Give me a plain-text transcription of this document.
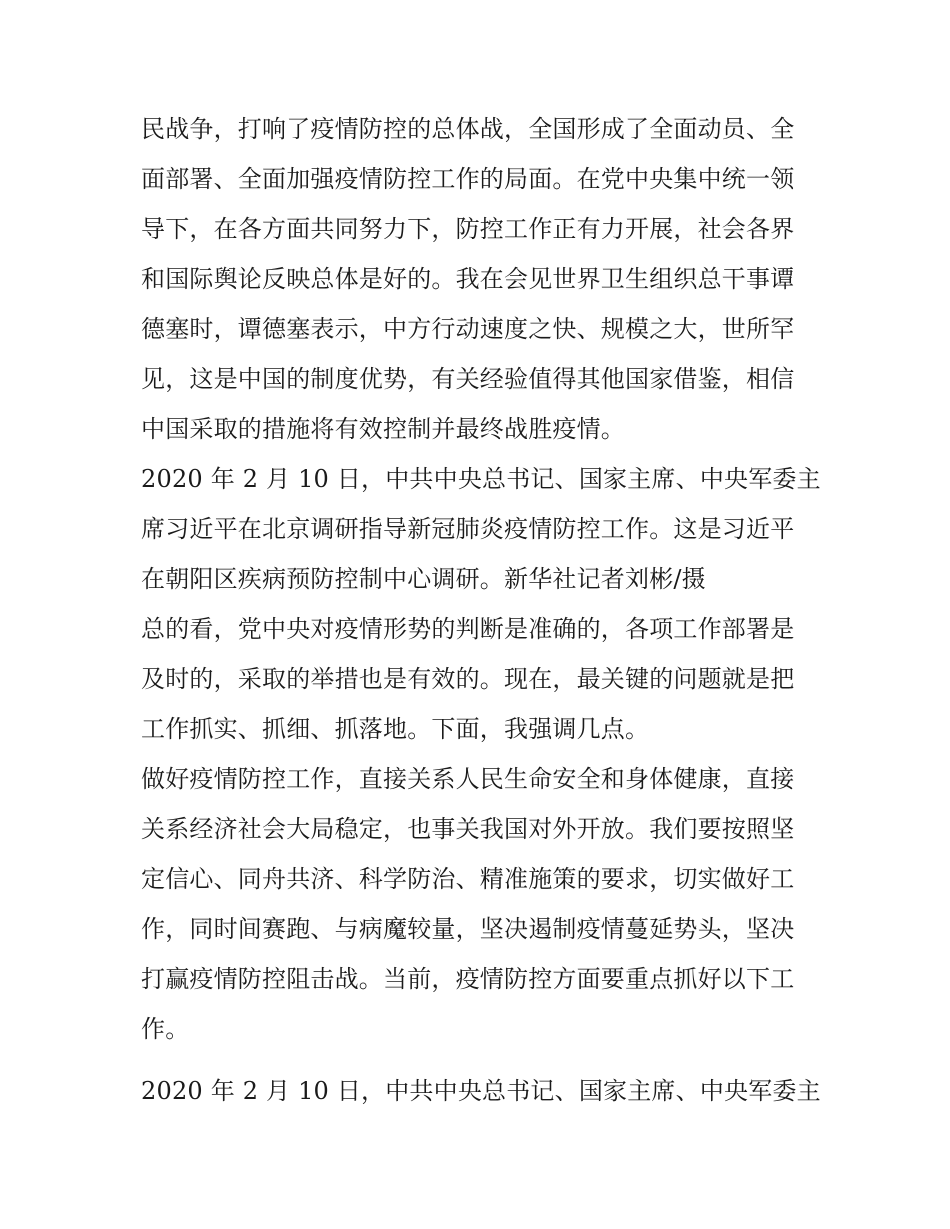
民战争，打响了疫情防控的总体战，全国形成了全面动员、全
面部署、全面加强疫情防控工作的局面。在党中央集中统一领
导下，在各方面共同努力下，防控工作正有力开展，社会各界
和国际舆论反映总体是好的。我在会见世界卫生组织总干事谭
德塞时，谭德塞表示，中方行动速度之快、规模之大，世所罕
见，这是中国的制度优势，有关经验值得其他国家借鉴，相信
中国采取的措施将有效控制并最终战胜疫情。
2020 年 2 月 10 日，中共中央总书记、国家主席、中央军委主
席习近平在北京调研指导新冠肺炎疫情防控工作。这是习近平
在朝阳区疾病预防控制中心调研。新华社记者刘彬/摄
总的看，党中央对疫情形势的判断是准确的，各项工作部署是
及时的，采取的举措也是有效的。现在，最关键的问题就是把
工作抓实、抓细、抓落地。下面，我强调几点。
做好疫情防控工作，直接关系人民生命安全和身体健康，直接
关系经济社会大局稳定，也事关我国对外开放。我们要按照坚
定信心、同舟共济、科学防治、精准施策的要求，切实做好工
作，同时间赛跑、与病魔较量，坚决遏制疫情蔓延势头，坚决
打赢疫情防控阻击战。当前，疫情防控方面要重点抓好以下工
作。
2020 年 2 月 10 日，中共中央总书记、国家主席、中央军委主
